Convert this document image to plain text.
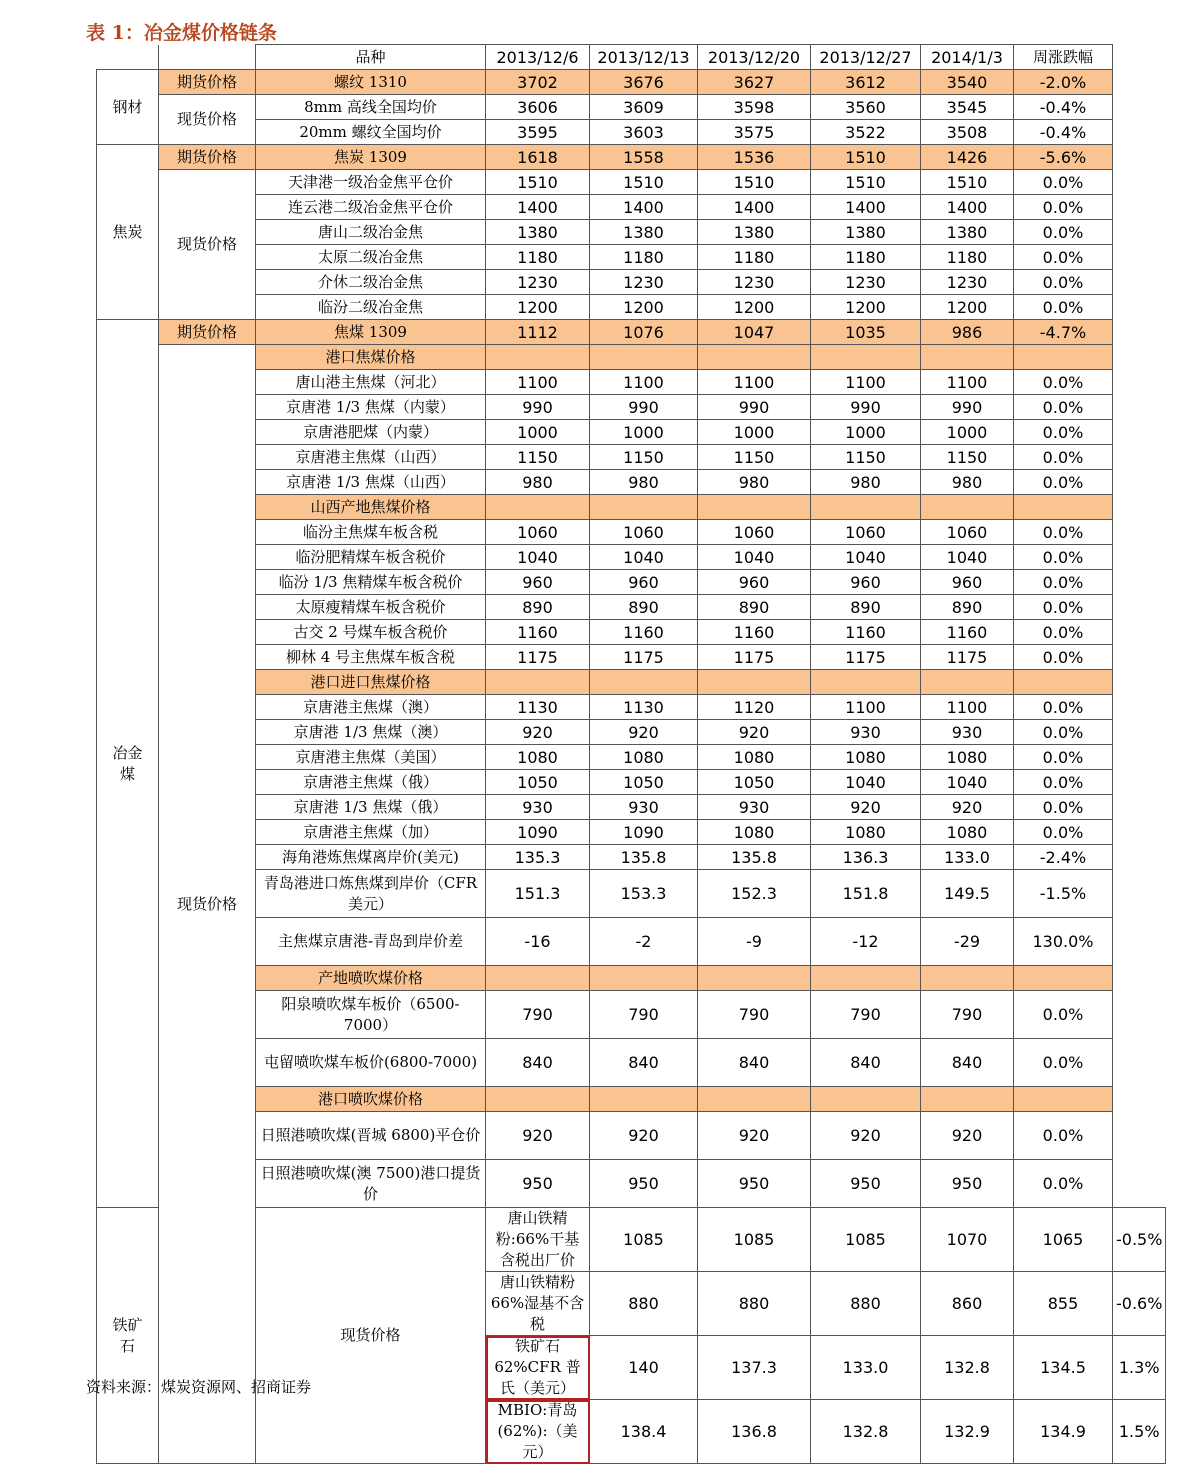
表 1：冶金煤价格链条
		品种	2013/12/6	2013/12/13	2013/12/20	2013/12/27	2014/1/3	周涨跌幅	
钢材	期货价格	螺纹 1310	3702	3676	3627	3612	3540	-2.0%	
	现货价格	8mm 高线全国均价	3606	3609	3598	3560	3545	-0.4%	
		20mm 螺纹全国均价	3595	3603	3575	3522	3508	-0.4%	
焦炭	期货价格	焦炭 1309	1618	1558	1536	1510	1426	-5.6%	
	现货价格	天津港一级冶金焦平仓价	1510	1510	1510	1510	1510	0.0%	
		连云港二级冶金焦平仓价	1400	1400	1400	1400	1400	0.0%	
		唐山二级冶金焦	1380	1380	1380	1380	1380	0.0%	
		太原二级冶金焦	1180	1180	1180	1180	1180	0.0%	
		介休二级冶金焦	1230	1230	1230	1230	1230	0.0%	
		临汾二级冶金焦	1200	1200	1200	1200	1200	0.0%	
冶金
煤	期货价格	焦煤 1309	1112	1076	1047	1035	986	-4.7%	
	现货价格	港口焦煤价格							
		唐山港主焦煤（河北）	1100	1100	1100	1100	1100	0.0%	
		京唐港 1/3 焦煤（内蒙）	990	990	990	990	990	0.0%	
		京唐港肥煤（内蒙）	1000	1000	1000	1000	1000	0.0%	
		京唐港主焦煤（山西）	1150	1150	1150	1150	1150	0.0%	
		京唐港 1/3 焦煤（山西）	980	980	980	980	980	0.0%	
		山西产地焦煤价格							
		临汾主焦煤车板含税	1060	1060	1060	1060	1060	0.0%	
		临汾肥精煤车板含税价	1040	1040	1040	1040	1040	0.0%	
		临汾 1/3 焦精煤车板含税价	960	960	960	960	960	0.0%	
		太原瘦精煤车板含税价	890	890	890	890	890	0.0%	
		古交 2 号煤车板含税价	1160	1160	1160	1160	1160	0.0%	
		柳林 4 号主焦煤车板含税	1175	1175	1175	1175	1175	0.0%	
		港口进口焦煤价格							
		京唐港主焦煤（澳）	1130	1130	1120	1100	1100	0.0%	
		京唐港 1/3 焦煤（澳）	920	920	920	930	930	0.0%	
		京唐港主焦煤（美国）	1080	1080	1080	1080	1080	0.0%	
		京唐港主焦煤（俄）	1050	1050	1050	1040	1040	0.0%	
		京唐港 1/3 焦煤（俄）	930	930	930	920	920	0.0%	
		京唐港主焦煤（加）	1090	1090	1080	1080	1080	0.0%	
		海角港炼焦煤离岸价(美元)	135.3	135.8	135.8	136.3	133.0	-2.4%	
		青岛港进口炼焦煤到岸价（CFR 美元）	151.3	153.3	152.3	151.8	149.5	-1.5%	
		主焦煤京唐港-青岛到岸价差	-16	-2	-9	-12	-29	130.0%	
		产地喷吹煤价格							
		阳泉喷吹煤车板价（6500-7000）	790	790	790	790	790	0.0%	
		屯留喷吹煤车板价(6800-7000)	840	840	840	840	840	0.0%	
		港口喷吹煤价格							
		日照港喷吹煤(晋城 6800)平仓价	920	920	920	920	920	0.0%	
		日照港喷吹煤(澳 7500)港口提货价	950	950	950	950	950	0.0%	
铁矿
石		现货价格	唐山铁精粉:66%干基含税出厂价	1085	1085	1085	1070	1065	-0.5%
			唐山铁精粉 66%湿基不含税	880	880	880	860	855	-0.6%
			铁矿石 62%CFR 普氏（美元）	140	137.3	133.0	132.8	134.5	1.3%
			MBIO:青岛(62%):（美元）	138.4	136.8	132.8	132.9	134.9	1.5%
资料来源：煤炭资源网、招商证券
